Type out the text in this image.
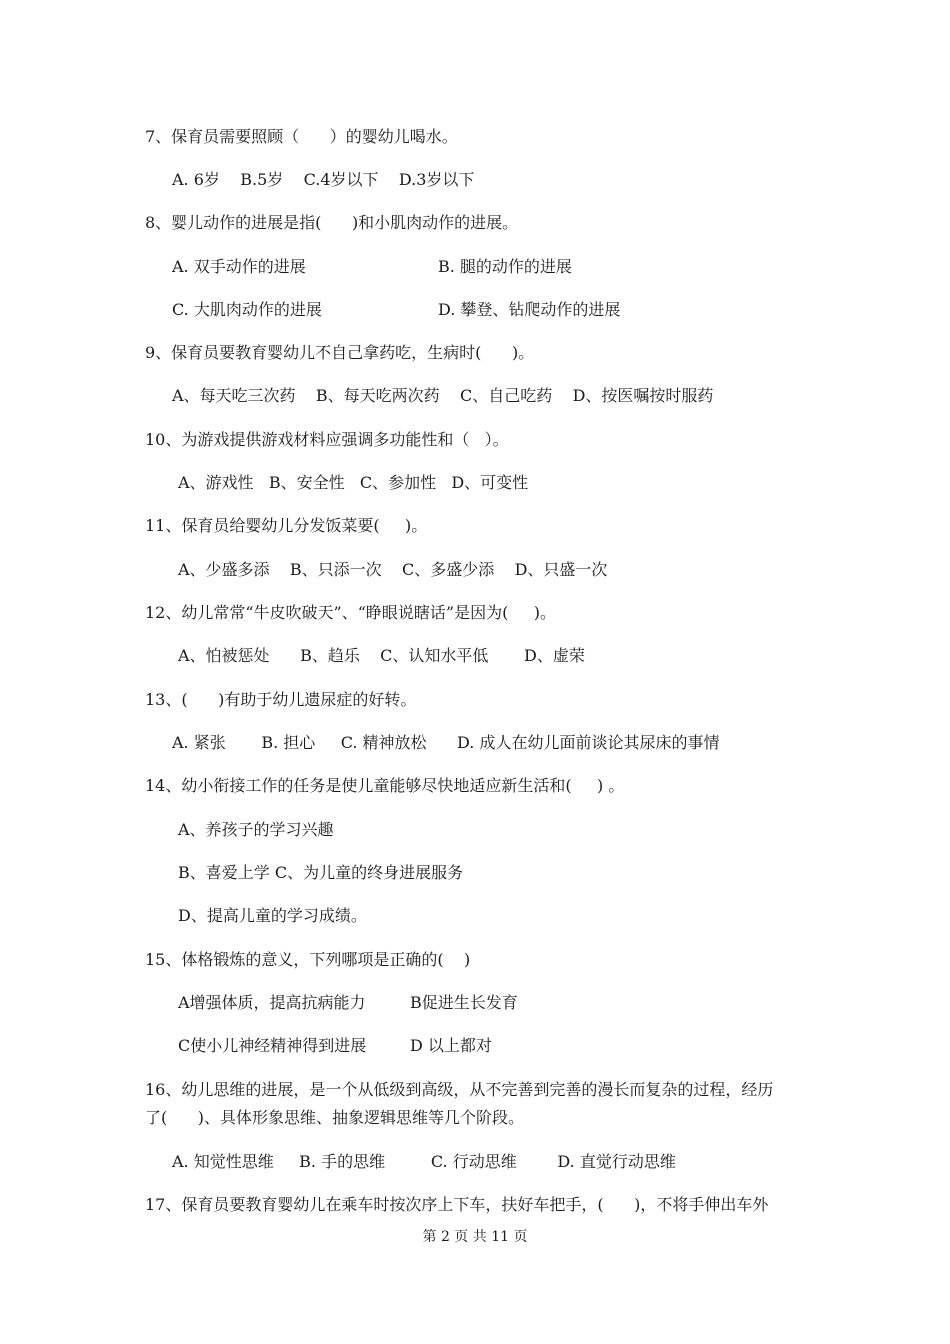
7、保育员需要照顾（      ）的婴幼儿喝水。
A. 6岁    B.5岁    C.4岁以下    D.3岁以下
8、婴儿动作的进展是指(      )和小肌肉动作的进展。
A. 双手动作的进展	B. 腿的动作的进展
C. 大肌肉动作的进展	D. 攀登、钻爬动作的进展
9、保育员要教育婴幼儿不自己拿药吃，生病时(      )。
A、每天吃三次药    B、每天吃两次药    C、自己吃药    D、按医嘱按时服药
10、为游戏提供游戏材料应强调多功能性和（   ）。
A、游戏性   B、安全性   C、参加性   D、可变性
11、保育员给婴幼儿分发饭菜要(     )。
A、少盛多添    B、只添一次    C、多盛少添    D、只盛一次
12、幼儿常常“牛皮吹破天”、“睁眼说瞎话”是因为(     )。
A、怕被惩处      B、趋乐    C、认知水平低       D、虚荣
13、(      )有助于幼儿遗尿症的好转。
A. 紧张       B. 担心     C. 精神放松      D. 成人在幼儿面前谈论其尿床的事情
14、幼小衔接工作的任务是使儿童能够尽快地适应新生活和(     ) 。
A、养孩子的学习兴趣
B、喜爱上学 C、为儿童的终身进展服务
D、提高儿童的学习成绩。
15、体格锻炼的意义，下列哪项是正确的(    )
A增强体质，提高抗病能力	B促进生长发育
C使小儿神经精神得到进展	D 以上都对
16、幼儿思维的进展，是一个从低级到高级，从不完善到完善的漫长而复杂的过程，经历
了(      )、具体形象思维、抽象逻辑思维等几个阶段。
A. 知觉性思维     B. 手的思维         C. 行动思维        D. 直觉行动思维
17、保育员要教育婴幼儿在乘车时按次序上下车，扶好车把手，(      )，不将手伸出车外
第 2 页 共 11 页
